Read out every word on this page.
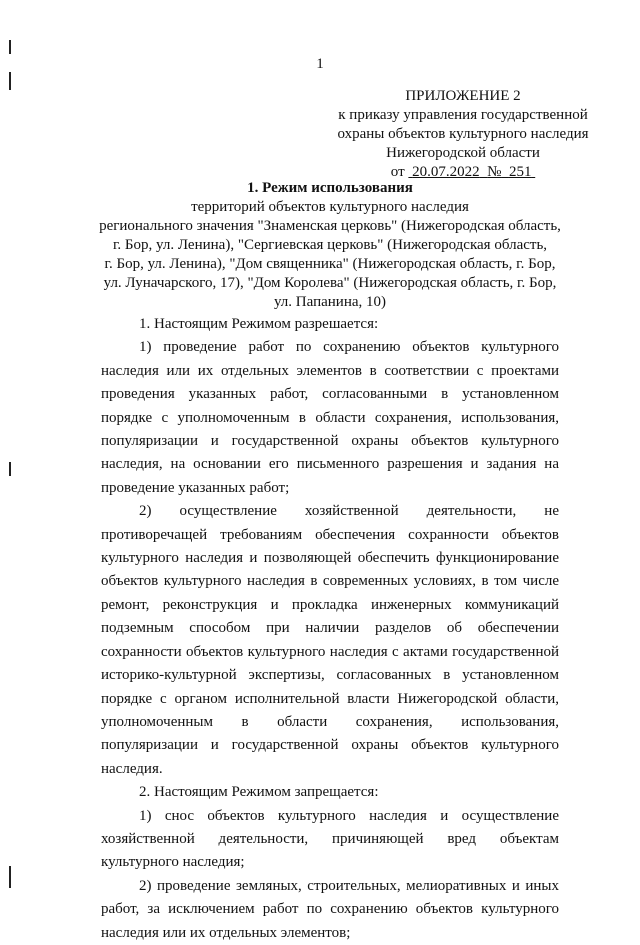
1
ПРИЛОЖЕНИЕ 2
к приказу управления государственной
охраны объектов культурного наследия
Нижегородской области
от 20.07.2022 № 251
1. Режим использования
территорий объектов культурного наследия
регионального значения "Знаменская церковь" (Нижегородская область,
г. Бор, ул. Ленина), "Сергиевская церковь" (Нижегородская область,
г. Бор, ул. Ленина), "Дом священника" (Нижегородская область, г. Бор,
ул. Луначарского, 17), "Дом Королева" (Нижегородская область, г. Бор,
ул. Папанина, 10)

1. Настоящим Режимом разрешается:

1) проведение работ по сохранению объектов культурного наследия или их отдельных элементов в соответствии с проектами проведения указанных работ, согласованными в установленном порядке с уполномоченным в области сохранения, использования, популяризации и государственной охраны объектов культурного наследия, на основании его письменного разрешения и задания на проведение указанных работ;

2) осуществление хозяйственной деятельности, не противоречащей требованиям обеспечения сохранности объектов культурного наследия и позволяющей обеспечить функционирование объектов культурного наследия в современных условиях, в том числе ремонт, реконструкция и прокладка инженерных коммуникаций подземным способом при наличии разделов об обеспечении сохранности объектов культурного наследия с актами государственной историко-культурной экспертизы, согласованных в установленном порядке с органом исполнительной власти Нижегородской области, уполномоченным в области сохранения, использования, популяризации и государственной охраны объектов культурного наследия.

2. Настоящим Режимом запрещается:

1) снос объектов культурного наследия и осуществление хозяйственной деятельности, причиняющей вред объектам культурного наследия;

2) проведение земляных, строительных, мелиоративных и иных работ, за исключением работ по сохранению объектов культурного наследия или их отдельных элементов;
